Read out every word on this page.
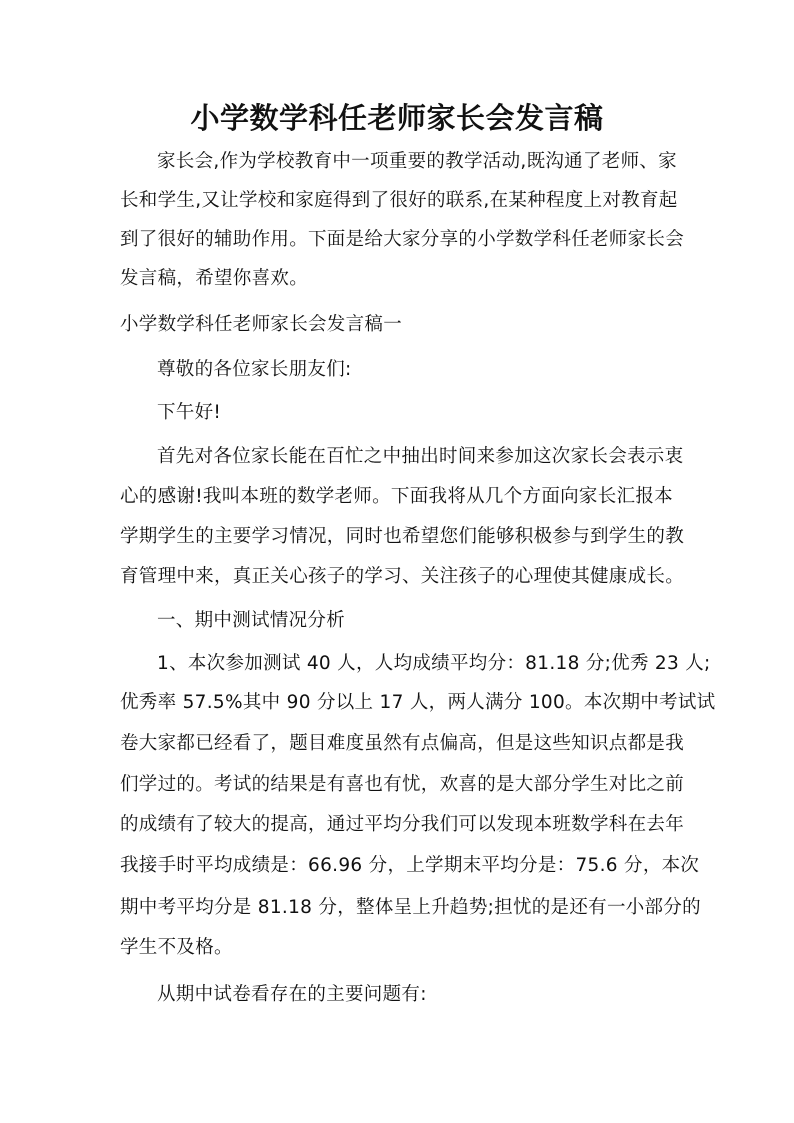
小学数学科任老师家长会发言稿
家长会,作为学校教育中一项重要的教学活动,既沟通了老师、家
长和学生,又让学校和家庭得到了很好的联系,在某种程度上对教育起
到了很好的辅助作用。下面是给大家分享的小学数学科任老师家长会
发言稿，希望你喜欢。
小学数学科任老师家长会发言稿一
尊敬的各位家长朋友们:
下午好!
首先对各位家长能在百忙之中抽出时间来参加这次家长会表示衷
心的感谢!我叫本班的数学老师。下面我将从几个方面向家长汇报本
学期学生的主要学习情况，同时也希望您们能够积极参与到学生的教
育管理中来，真正关心孩子的学习、关注孩子的心理使其健康成长。
一、期中测试情况分析
1、本次参加测试 40 人，人均成绩平均分：81.18 分;优秀 23 人;
优秀率 57.5%其中 90 分以上 17 人，两人满分 100。本次期中考试试
卷大家都已经看了，题目难度虽然有点偏高，但是这些知识点都是我
们学过的。考试的结果是有喜也有忧，欢喜的是大部分学生对比之前
的成绩有了较大的提高，通过平均分我们可以发现本班数学科在去年
我接手时平均成绩是：66.96 分，上学期末平均分是：75.6 分，本次
期中考平均分是 81.18 分，整体呈上升趋势;担忧的是还有一小部分的
学生不及格。
从期中试卷看存在的主要问题有:
